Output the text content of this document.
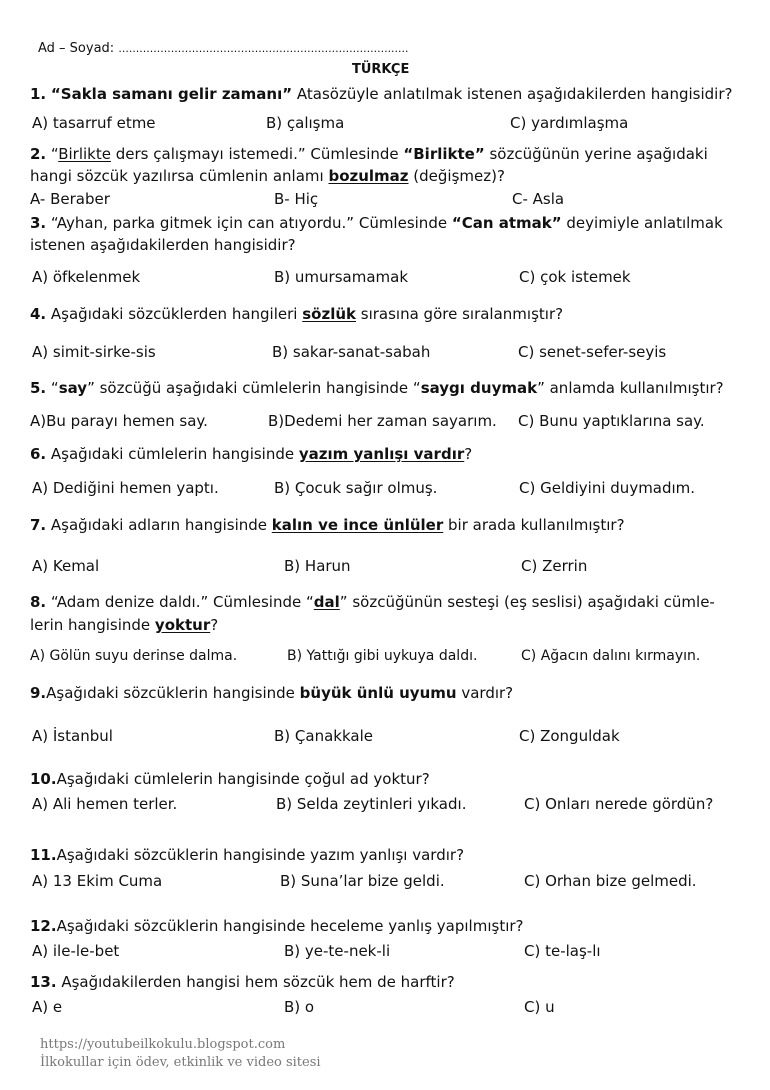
Ad – Soyad: ...................................................................................
TÜRKÇE
1. “Sakla samanı gelir zamanı” Atasözüyle anlatılmak istenen aşağıdakilerden hangisidir?
A) tasarruf etme	B) çalışma	C) yardımlaşma
2. “Birlikte ders çalışmayı istemedi.” Cümlesinde “Birlikte” sözcüğünün yerine aşağıdaki
hangi sözcük yazılırsa cümlenin anlamı bozulmaz (değişmez)?
A- Beraber	B- Hiç	C- Asla
3. “Ayhan, parka gitmek için can atıyordu.” Cümlesinde “Can atmak” deyimiyle anlatılmak
istenen aşağıdakilerden hangisidir?
A) öfkelenmek	B) umursamamak	C) çok istemek
4. Aşağıdaki sözcüklerden hangileri sözlük sırasına göre sıralanmıştır?
A) simit-sirke-sis	B) sakar-sanat-sabah	C) senet-sefer-seyis
5. “say” sözcüğü aşağıdaki cümlelerin hangisinde “saygı duymak” anlamda kullanılmıştır?
A)Bu parayı hemen say.	B)Dedemi her zaman sayarım. C) Bunu yaptıklarına say.
6. Aşağıdaki cümlelerin hangisinde yazım yanlışı vardır?
A) Dediğini hemen yaptı.	B) Çocuk sağır olmuş.	C) Geldiyini duymadım.
7. Aşağıdaki adların hangisinde kalın ve ince ünlüler bir arada kullanılmıştır?
A) Kemal	B) Harun	C) Zerrin
8. “Adam denize daldı.” Cümlesinde “dal” sözcüğünün sesteşi (eş seslisi) aşağıdaki cümle-
lerin hangisinde yoktur?
A) Gölün suyu derinse dalma.	B) Yattığı gibi uykuya daldı.	C) Ağacın dalını kırmayın.
9.Aşağıdaki sözcüklerin hangisinde büyük ünlü uyumu vardır?
A) İstanbul	B) Çanakkale	C) Zonguldak
10.Aşağıdaki cümlelerin hangisinde çoğul ad yoktur?
A) Ali hemen terler.	B) Selda zeytinleri yıkadı.	C) Onları nerede gördün?
11.Aşağıdaki sözcüklerin hangisinde yazım yanlışı vardır?
A) 13 Ekim Cuma	B) Suna’lar bize geldi.	C) Orhan bize gelmedi.
12.Aşağıdaki sözcüklerin hangisinde heceleme yanlış yapılmıştır?
A) ile-le-bet	B) ye-te-nek-li	C) te-laş-lı
13. Aşağıdakilerden hangisi hem sözcük hem de harftir?
A) e	B) o	C) u
https://youtubeilkokulu.blogspot.com
İlkokullar için ödev, etkinlik ve video sitesi
